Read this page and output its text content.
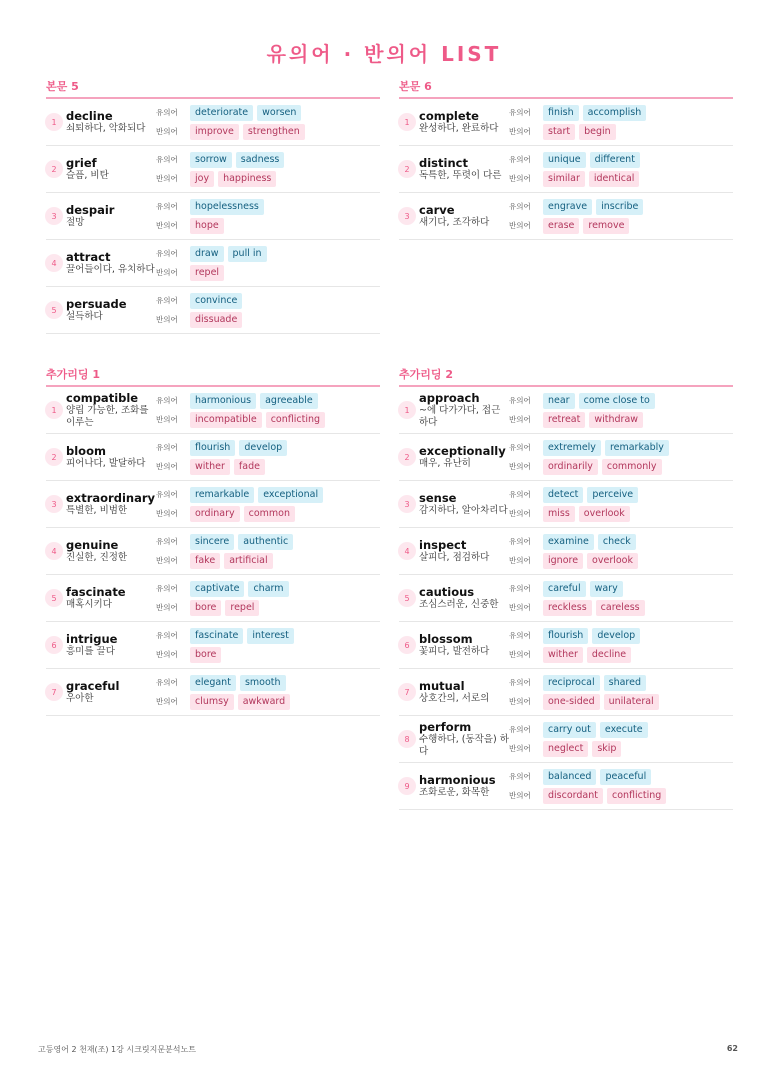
유의어 · 반의어 LIST
본문 5
1 decline
쇠퇴하다, 악화되다
유의어	deteriorate	worsen
반의어	improve	strengthen
2 grief
슬픔, 비탄
유의어	sorrow	sadness
반의어	joy	happiness
3 despair
절망
유의어	hopelessness
반의어	hope
4 attract
끌어들이다, 유치하다
유의어	draw	pull in
반의어	repel
5 persuade
설득하다
유의어	convince
반의어	dissuade
본문 6
1 complete
완성하다, 완료하다
유의어	finish	accomplish
반의어	start	begin
2 distinct
독특한, 뚜렷이 다른
유의어	unique	different
반의어	similar	identical
3 carve
새기다, 조각하다
유의어	engrave	inscribe
반의어	erase	remove
추가리딩 1
1
compatible
양립 가능한, 조화를 이루는
유의어	harmonious	agreeable
반의어	incompatible	conflicting
2 bloom
피어나다, 발달하다
유의어	flourish	develop
반의어	wither	fade
3 extraordinary
특별한, 비범한
유의어	remarkable	exceptional
반의어	ordinary	common
4 genuine
진실한, 진정한
유의어	sincere	authentic
반의어	fake	artificial
5 fascinate
매혹시키다
유의어	captivate	charm
반의어	bore	repel
6 intrigue
흥미를 끌다
유의어	fascinate	interest
반의어	bore
7 graceful
우아한
유의어	elegant	smooth
반의어	clumsy	awkward
추가리딩 2
1
approach
~에 다가가다, 접근하다
유의어	near	come close to
반의어	retreat	withdraw
2 exceptionally
매우, 유난히
유의어	extremely	remarkably
반의어	ordinarily	commonly
3 sense
감지하다, 알아차리다
유의어	detect	perceive
반의어	miss	overlook
4 inspect
살피다, 점검하다
유의어	examine	check
반의어	ignore	overlook
5 cautious
조심스러운, 신중한
유의어	careful	wary
반의어	reckless	careless
6 blossom
꽃피다, 발전하다
유의어	flourish	develop
반의어	wither	decline
7 mutual
상호간의, 서로의
유의어	reciprocal	shared
반의어	one-sided	unilateral
8
perform
수행하다, (동작을) 하다
유의어	carry out	execute
반의어	neglect	skip
9 harmonious
조화로운, 화목한
유의어	balanced	peaceful
반의어	discordant	conflicting
고등영어 2 천재(조) 1강 시크릿지문분석노트	62
